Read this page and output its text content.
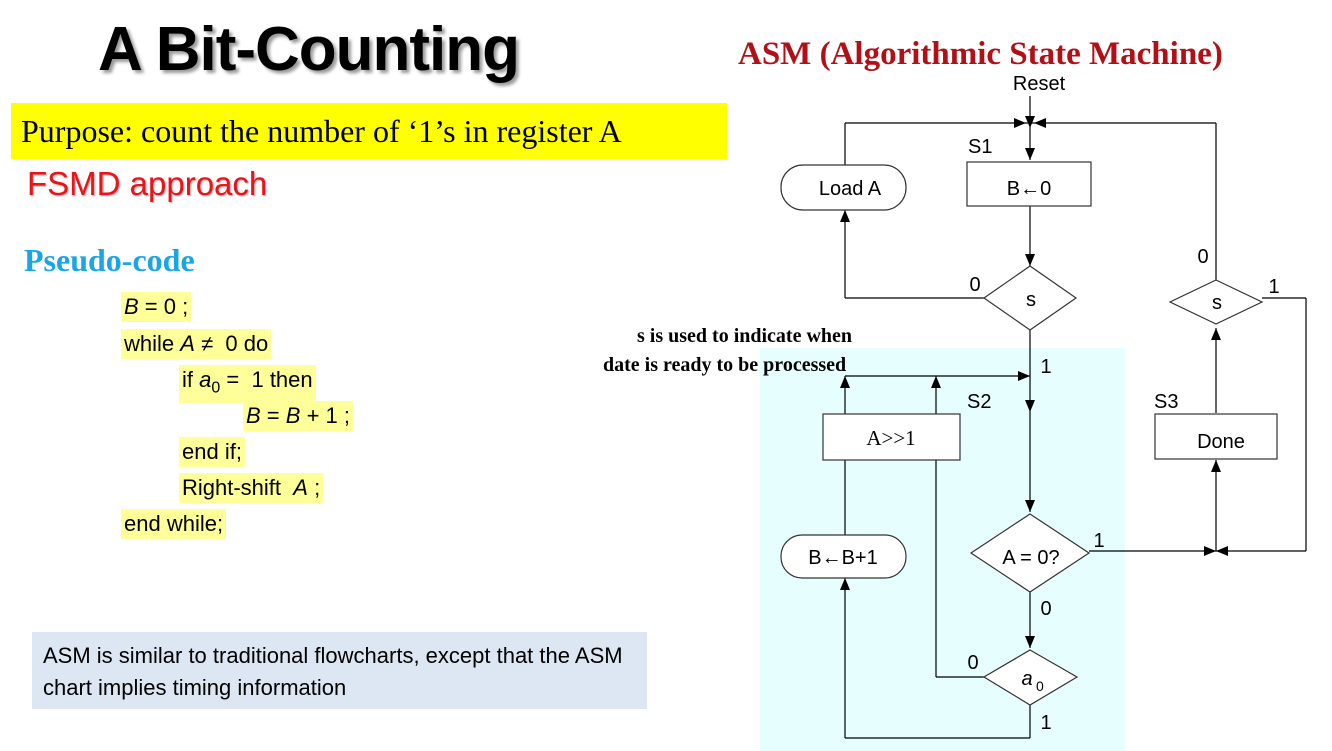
A Bit-Counting
Purpose: count the number of ‘1’s in register A
FSMD approach
Pseudo-code
B = 0 ;
while A ≠  0 do
if $a_0 = 1$ then
B = B + 1 ;
end if;
Right-shift A ;
end while;
ASM is similar to traditional flowcharts, except that the ASM chart implies timing information
ASM (Algorithmic State Machine)
Reset
S1
B←0
Load A
s
0
1
s
0
1
S3
Done
S2
A>>1
B←B+1	A = 0?
1
0
a 0
0
1
s is used to indicate when
date is ready to be processed
